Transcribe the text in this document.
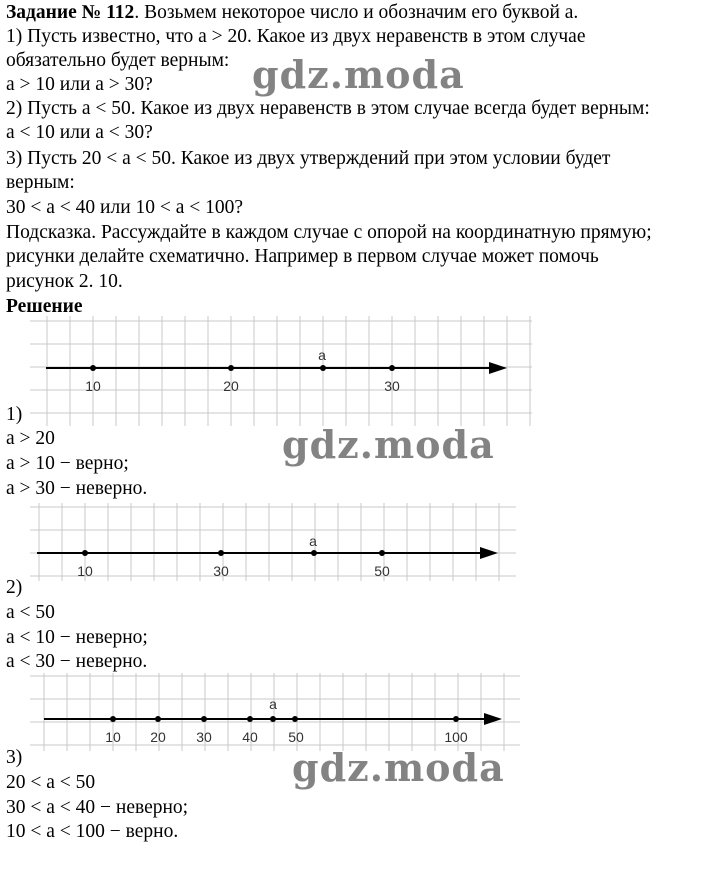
Задание № 112. Возьмем некоторое число и обозначим его буквой a.
1) Пусть известно, что a > 20. Какое из двух неравенств в этом случае
обязательно будет верным:
a > 10 или a > 30?
2) Пусть a < 50. Какое из двух неравенств в этом случае всегда будет верным:
a < 10 или a < 30?
3) Пусть 20 < a < 50. Какое из двух утверждений при этом условии будет
верным:
30 < a < 40 или 10 < a < 100?
Подсказка. Рассуждайте в каждом случае с опорой на координатную прямую;
рисунки делайте схематично. Например в первом случае может помочь
рисунок 2. 10.
Решение
10	20	30
a
1)
a > 20
a > 10 − верно;
a > 30 − неверно.
10	30	50
a
2)
a < 50
a < 10 − неверно;
a < 30 − неверно.
10 20 30 40 50	100
a
3)
20 < a < 50
30 < a < 40 − неверно;
10 < a < 100 − верно.
gdz.moda
gdz.moda
gdz.moda
